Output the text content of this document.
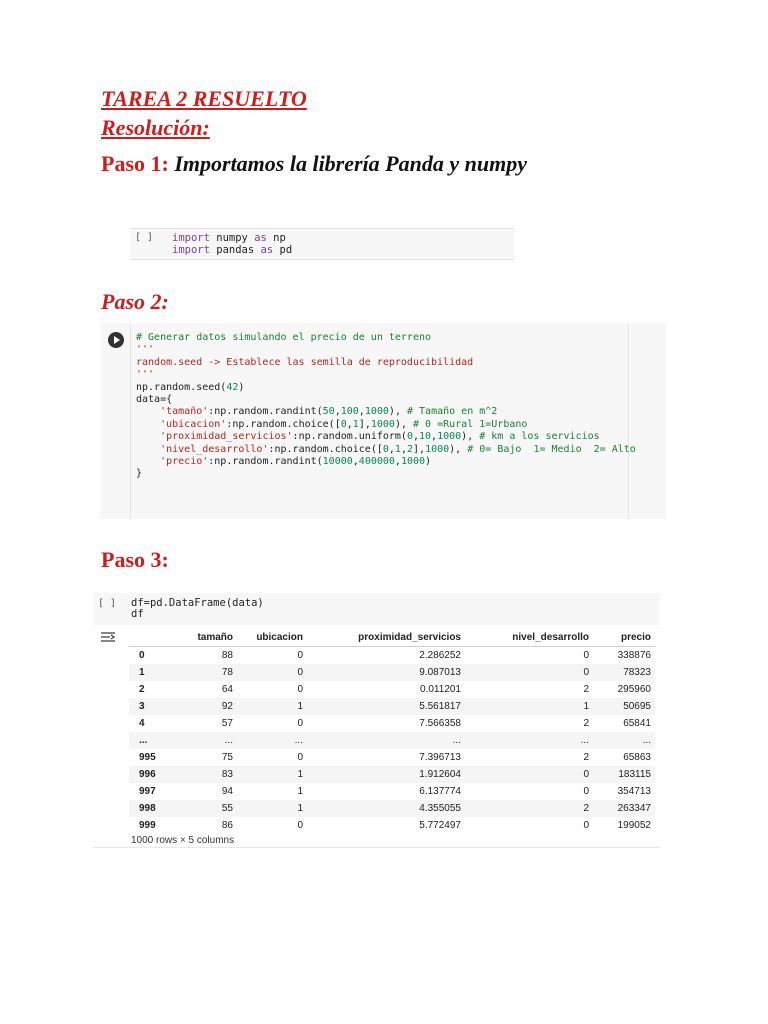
TAREA 2 RESUELTO
Resolución:
Paso 1: Importamos la librería Panda y numpy
[ ] import numpy as np
import pandas as pd
Paso 2:
# Generar datos simulando el precio de un terreno
'''
random.seed -> Establece las semilla de reproducibilidad
'''
np.random.seed(42)
data={
'tamaño':np.random.randint(50,100,1000), # Tamaño en m^2
'ubicacion':np.random.choice([0,1],1000), # 0 =Rural 1=Urbano
'proximidad_servicios':np.random.uniform(0,10,1000), # km a los servicios
'nivel_desarrollo':np.random.choice([0,1,2],1000), # 0= Bajo  1= Medio  2= Alto
'precio':np.random.randint(10000,400000,1000)
}
Paso 3:
[ ] df=pd.DataFrame(data)
df
	tamaño	ubicacion	proximidad_servicios	nivel_desarrollo	precio
0	88	0	2.286252	0	338876
1	78	0	9.087013	0	78323
2	64	0	0.011201	2	295960
3	92	1	5.561817	1	50695
4	57	0	7.566358	2	65841
...	...	...	...	...	...
995	75	0	7.396713	2	65863
996	83	1	1.912604	0	183115
997	94	1	6.137774	0	354713
998	55	1	4.355055	2	263347
999	86	0	5.772497	0	199052
1000 rows × 5 columns
